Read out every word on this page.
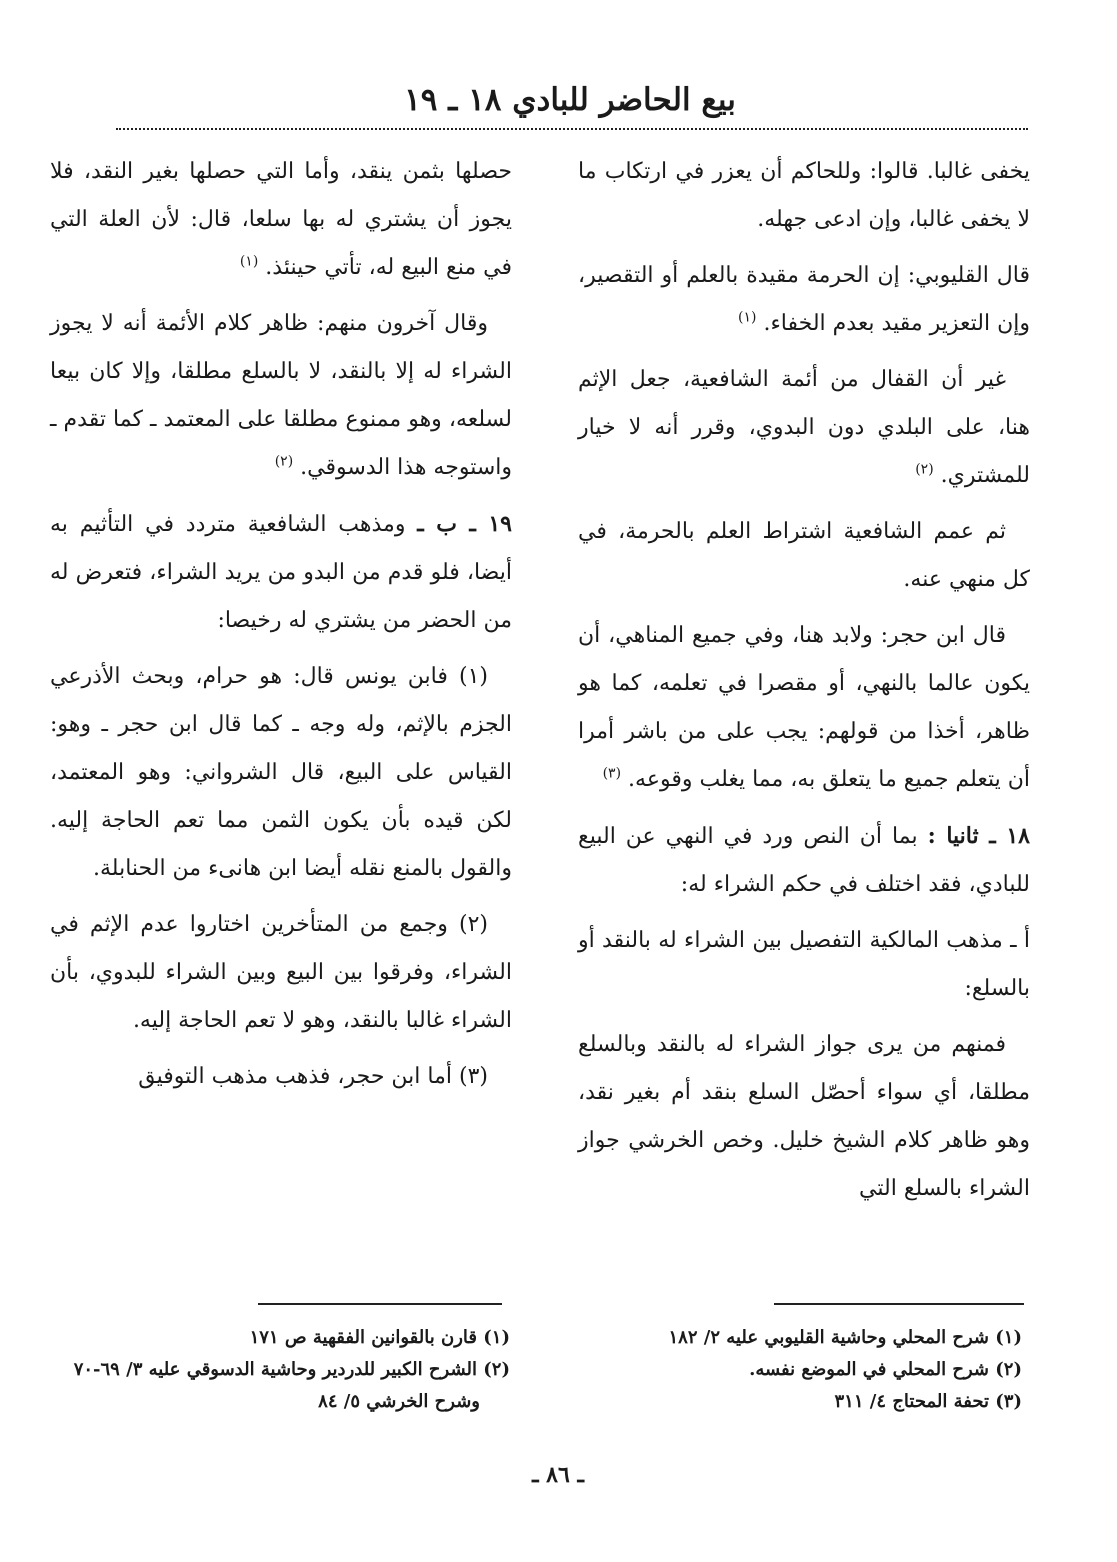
بيع الحاضر للبادي ١٨ ـ ١٩

يخفى غالبا. قالوا: وللحاكم أن يعزر في ارتكاب ما لا يخفى غالبا، وإن ادعى جهله.

قال القليوبي: إن الحرمة مقيدة بالعلم أو التقصير، وإن التعزير مقيد بعدم الخفاء. $^{(١)}$

غير أن القفال من أئمة الشافعية، جعل الإثم هنا، على البلدي دون البدوي، وقرر أنه لا خيار للمشتري. $^{(٢)}$

ثم عمم الشافعية اشتراط العلم بالحرمة، في كل منهي عنه.

قال ابن حجر: ولابد هنا، وفي جميع المناهي، أن يكون عالما بالنهي، أو مقصرا في تعلمه، كما هو ظاهر، أخذا من قولهم: يجب على من باشر أمرا أن يتعلم جميع ما يتعلق به، مما يغلب وقوعه. $^{(٣)}$

١٨ ـ ثانيا : بما أن النص ورد في النهي عن البيع للبادي، فقد اختلف في حكم الشراء له:

أ ـ مذهب المالكية التفصيل بين الشراء له بالنقد أو بالسلع:

فمنهم من يرى جواز الشراء له بالنقد وبالسلع مطلقا، أي سواء أحصّل السلع بنقد أم بغير نقد، وهو ظاهر كلام الشيخ خليل. وخص الخرشي جواز الشراء بالسلع التي

حصلها بثمن ينقد، وأما التي حصلها بغير النقد، فلا يجوز أن يشتري له بها سلعا، قال: لأن العلة التي في منع البيع له، تأتي حينئذ. $^{(١)}$

وقال آخرون منهم: ظاهر كلام الأئمة أنه لا يجوز الشراء له إلا بالنقد، لا بالسلع مطلقا، وإلا كان بيعا لسلعه، وهو ممنوع مطلقا على المعتمد ـ كما تقدم ـ واستوجه هذا الدسوقي. $^{(٢)}$

١٩ ـ ب ـ ومذهب الشافعية متردد في التأثيم به أيضا، فلو قدم من البدو من يريد الشراء، فتعرض له من الحضر من يشتري له رخيصا:

(١) فابن يونس قال: هو حرام، وبحث الأذرعي الجزم بالإثم، وله وجه ـ كما قال ابن حجر ـ وهو: القياس على البيع، قال الشرواني: وهو المعتمد، لكن قيده بأن يكون الثمن مما تعم الحاجة إليه. والقول بالمنع نقله أيضا ابن هانىء من الحنابلة.

(٢) وجمع من المتأخرين اختاروا عدم الإثم في الشراء، وفرقوا بين البيع وبين الشراء للبدوي، بأن الشراء غالبا بالنقد، وهو لا تعم الحاجة إليه.

(٣) أما ابن حجر، فذهب مذهب التوفيق

(١) شرح المحلي وحاشية القليوبي عليه ٢/ ١٨٢

(٢) شرح المحلي في الموضع نفسه.

(٣) تحفة المحتاج ٤/ ٣١١

(١) قارن بالقوانين الفقهية ص ١٧١

(٢) الشرح الكبير للدردير وحاشية الدسوقي عليه ٣/ ٦٩-٧٠

وشرح الخرشي ٥/ ٨٤

ـ ٨٦ ـ
